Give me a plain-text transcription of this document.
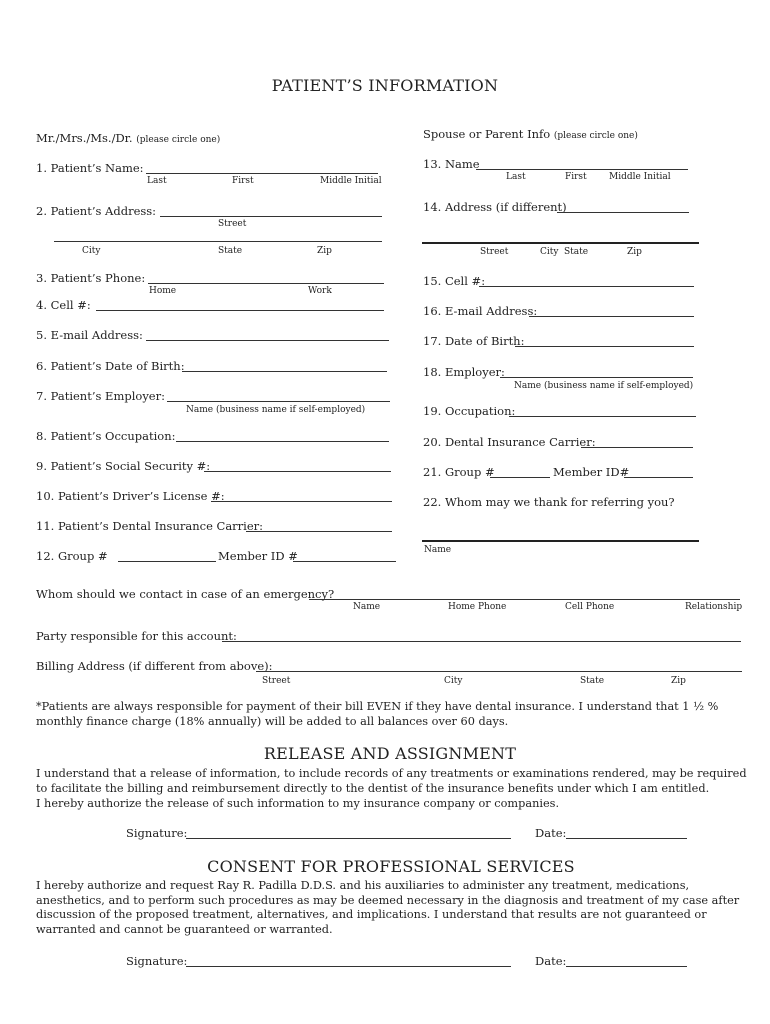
PATIENT’S INFORMATION
Mr./Mrs./Ms./Dr. (please circle one)
1. Patient’s Name:
Last	First	Middle Initial
2. Patient’s Address:
Street
City	State	Zip
3. Patient’s Phone:
Home	Work
4. Cell #:
5. E-mail Address:
6. Patient’s Date of Birth:
7. Patient’s Employer:
Name (business name if self-employed)
8. Patient’s Occupation:
9. Patient’s Social Security #:
10. Patient’s Driver’s License #:
11. Patient’s Dental Insurance Carrier:
12. Group #	Member ID #
Spouse or Parent Info (please circle one)
13. Name
Last	First Middle Initial
14. Address (if different)
Street	City State	Zip
15. Cell #:
16. E-mail Address:
17. Date of Birth:
18. Employer:
Name (business name if self-employed)
19. Occupation:
20. Dental Insurance Carrier:
21. Group #	Member ID#
22. Whom may we thank for referring you?
Name
Whom should we contact in case of an emergency?
Name	Home Phone	Cell Phone	Relationship
Party responsible for this account:
Billing Address (if different from above):
Street	City	State	Zip
*Patients are always responsible for payment of their bill EVEN if they have dental insurance. I understand that 1 ½ % monthly finance charge (18% annually) will be added to all balances over 60 days.
RELEASE AND ASSIGNMENT
I understand that a release of information, to include records of any treatments or examinations rendered, may be required to facilitate the billing and reimbursement directly to the dentist of the insurance benefits under which I am entitled.
I hereby authorize the release of such information to my insurance company or companies.
Signature:	Date:
CONSENT FOR PROFESSIONAL SERVICES
I hereby authorize and request Ray R. Padilla D.D.S. and his auxiliaries to administer any treatment, medications, anesthetics, and to perform such procedures as may be deemed necessary in the diagnosis and treatment of my case after discussion of the proposed treatment, alternatives, and implications. I understand that results are not guaranteed or warranted and cannot be guaranteed or warranted.
Signature:	Date:
